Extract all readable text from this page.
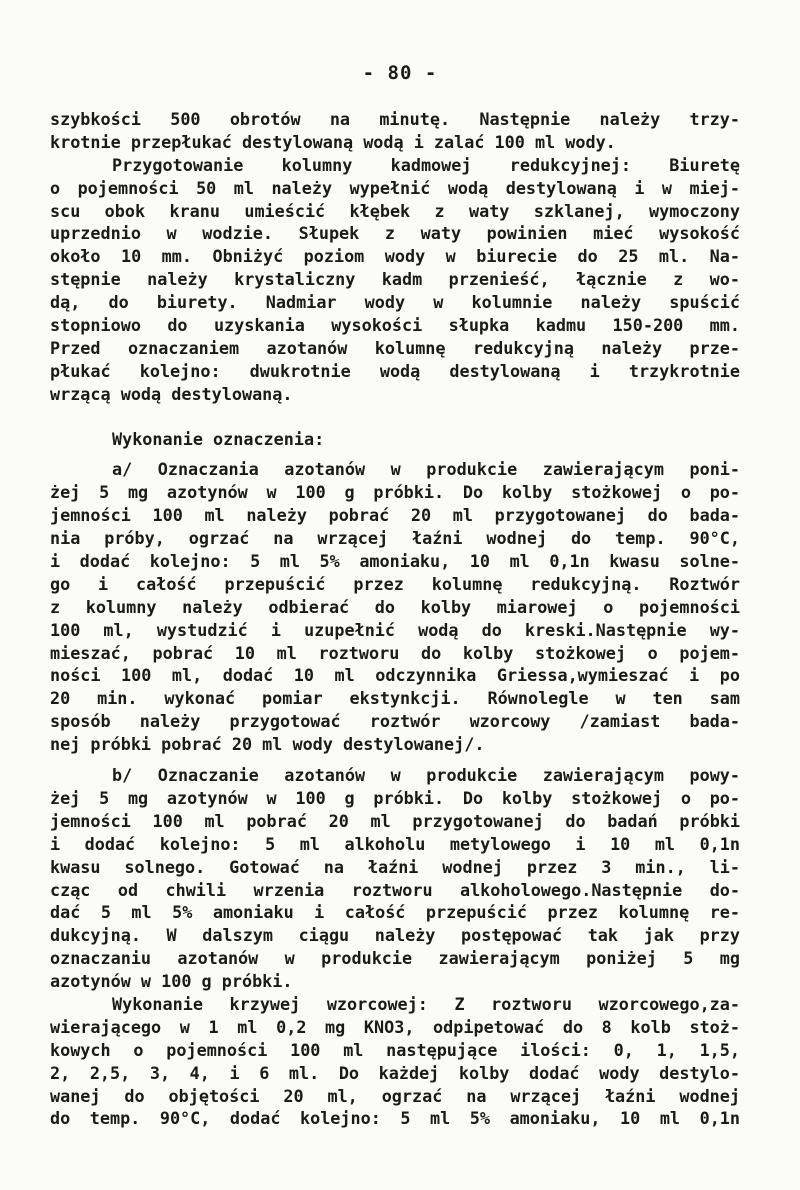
- 80 -
szybkości 500 obrotów na minutę. Następnie należy trzy-
krotnie przepłukać destylowaną wodą i zalać 100 ml wody.
Przygotowanie kolumny kadmowej redukcyjnej: Biuretę
o pojemności 50 ml należy wypełnić wodą destylowaną i w miej-
scu obok kranu umieścić kłębek z waty szklanej, wymoczony
uprzednio w wodzie. Słupek z waty powinien mieć wysokość
około 10 mm. Obniżyć poziom wody w biurecie do 25 ml. Na-
stępnie należy krystaliczny kadm przenieść, łącznie z wo-
dą, do biurety. Nadmiar wody w kolumnie należy spuścić
stopniowo do uzyskania wysokości słupka kadmu 150-200 mm.
Przed oznaczaniem azotanów kolumnę redukcyjną należy prze-
płukać kolejno: dwukrotnie wodą destylowaną i trzykrotnie
wrzącą wodą destylowaną.
Wykonanie oznaczenia:
a/ Oznaczania azotanów w produkcie zawierającym poni-
żej 5 mg azotynów w 100 g próbki. Do kolby stożkowej o po-
jemności 100 ml należy pobrać 20 ml przygotowanej do bada-
nia próby, ogrzać na wrzącej łaźni wodnej do temp. 90°C,
i dodać kolejno: 5 ml 5% amoniaku, 10 ml 0,1n kwasu solne-
go i całość przepuścić przez kolumnę redukcyjną. Roztwór
z kolumny należy odbierać do kolby miarowej o pojemności
100 ml, wystudzić i uzupełnić wodą do kreski.Następnie wy-
mieszać, pobrać 10 ml roztworu do kolby stożkowej o pojem-
ności 100 ml, dodać 10 ml odczynnika Griessa,wymieszać i po
20 min. wykonać pomiar ekstynkcji. Równolegle w ten sam
sposób należy przygotować roztwór wzorcowy /zamiast bada-
nej próbki pobrać 20 ml wody destylowanej/.
b/ Oznaczanie azotanów w produkcie zawierającym powy-
żej 5 mg azotynów w 100 g próbki. Do kolby stożkowej o po-
jemności 100 ml pobrać 20 ml przygotowanej do badań próbki
i dodać kolejno: 5 ml alkoholu metylowego i 10 ml 0,1n
kwasu solnego. Gotować na łaźni wodnej przez 3 min., li-
cząc od chwili wrzenia roztworu alkoholowego.Następnie do-
dać 5 ml 5% amoniaku i całość przepuścić przez kolumnę re-
dukcyjną. W dalszym ciągu należy postępować tak jak przy
oznaczaniu azotanów w produkcie zawierającym poniżej 5 mg
azotynów w 100 g próbki.
Wykonanie krzywej wzorcowej: Z roztworu wzorcowego,za-
wierającego w 1 ml 0,2 mg KNO3, odpipetować do 8 kolb stoż-
kowych o pojemności 100 ml następujące ilości: 0, 1, 1,5,
2, 2,5, 3, 4, i 6 ml. Do każdej kolby dodać wody destylo-
wanej do objętości 20 ml, ogrzać na wrzącej łaźni wodnej
do temp. 90°C, dodać kolejno: 5 ml 5% amoniaku, 10 ml 0,1n
